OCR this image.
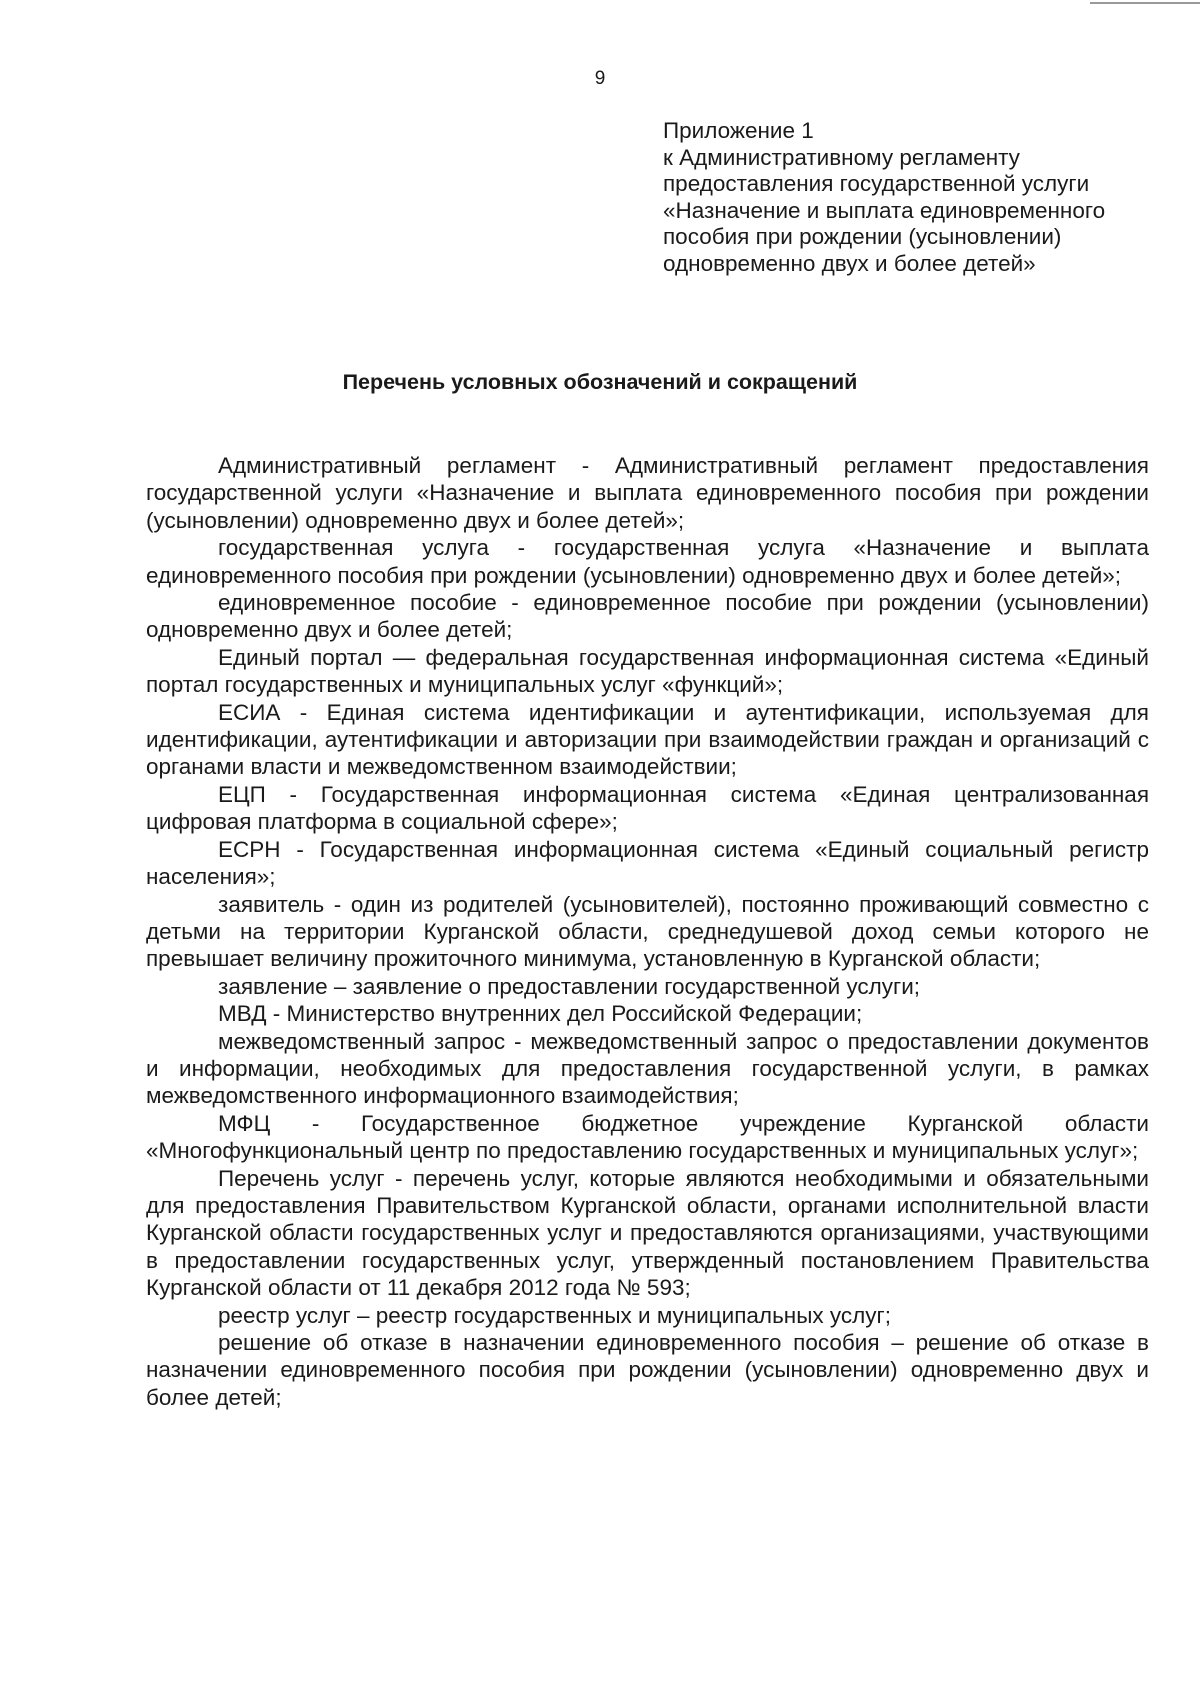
9
Приложение 1
к Административному регламенту
предоставления государственной услуги
«Назначение и выплата единовременного
пособия при рождении (усыновлении)
одновременно двух и более детей»
Перечень условных обозначений и сокращений

Административный регламент - Административный регламент предоставления государственной услуги «Назначение и выплата единовременного пособия при рождении (усыновлении) одновременно двух и более детей»;

государственная услуга - государственная услуга «Назначение и выплата единовременного пособия при рождении (усыновлении) одновременно двух и более детей»;

единовременное пособие - единовременное пособие при рождении (усыновлении) одновременно двух и более детей;

Единый портал — федеральная государственная информационная система «Единый портал государственных и муниципальных услуг «функций»;

ЕСИА - Единая система идентификации и аутентификации, используемая для идентификации, аутентификации и авторизации при взаимодействии граждан и организаций с органами власти и межведомственном взаимодействии;

ЕЦП - Государственная информационная система «Единая централизованная цифровая платформа в социальной сфере»;

ЕСРН - Государственная информационная система «Единый социальный регистр населения»;

заявитель - один из родителей (усыновителей), постоянно проживающий совместно с детьми на территории Курганской области, среднедушевой доход семьи которого не превышает величину прожиточного минимума, установленную в Курганской области;

заявление – заявление о предоставлении государственной услуги;

МВД - Министерство внутренних дел Российской Федерации;

межведомственный запрос - межведомственный запрос о предоставлении документов и информации, необходимых для предоставления государственной услуги, в рамках межведомственного информационного взаимодействия;

МФЦ - Государственное бюджетное учреждение Курганской области «Многофункциональный центр по предоставлению государственных и муниципальных услуг»;

Перечень услуг - перечень услуг, которые являются необходимыми и обязательными для предоставления Правительством Курганской области, органами исполнительной власти Курганской области государственных услуг и предоставляются организациями, участвующими в предоставлении государственных услуг, утвержденный постановлением Правительства Курганской области от 11 декабря 2012 года № 593;

реестр услуг – реестр государственных и муниципальных услуг;

решение об отказе в назначении единовременного пособия – решение об отказе в назначении единовременного пособия при рождении (усыновлении) одновременно двух и более детей;
